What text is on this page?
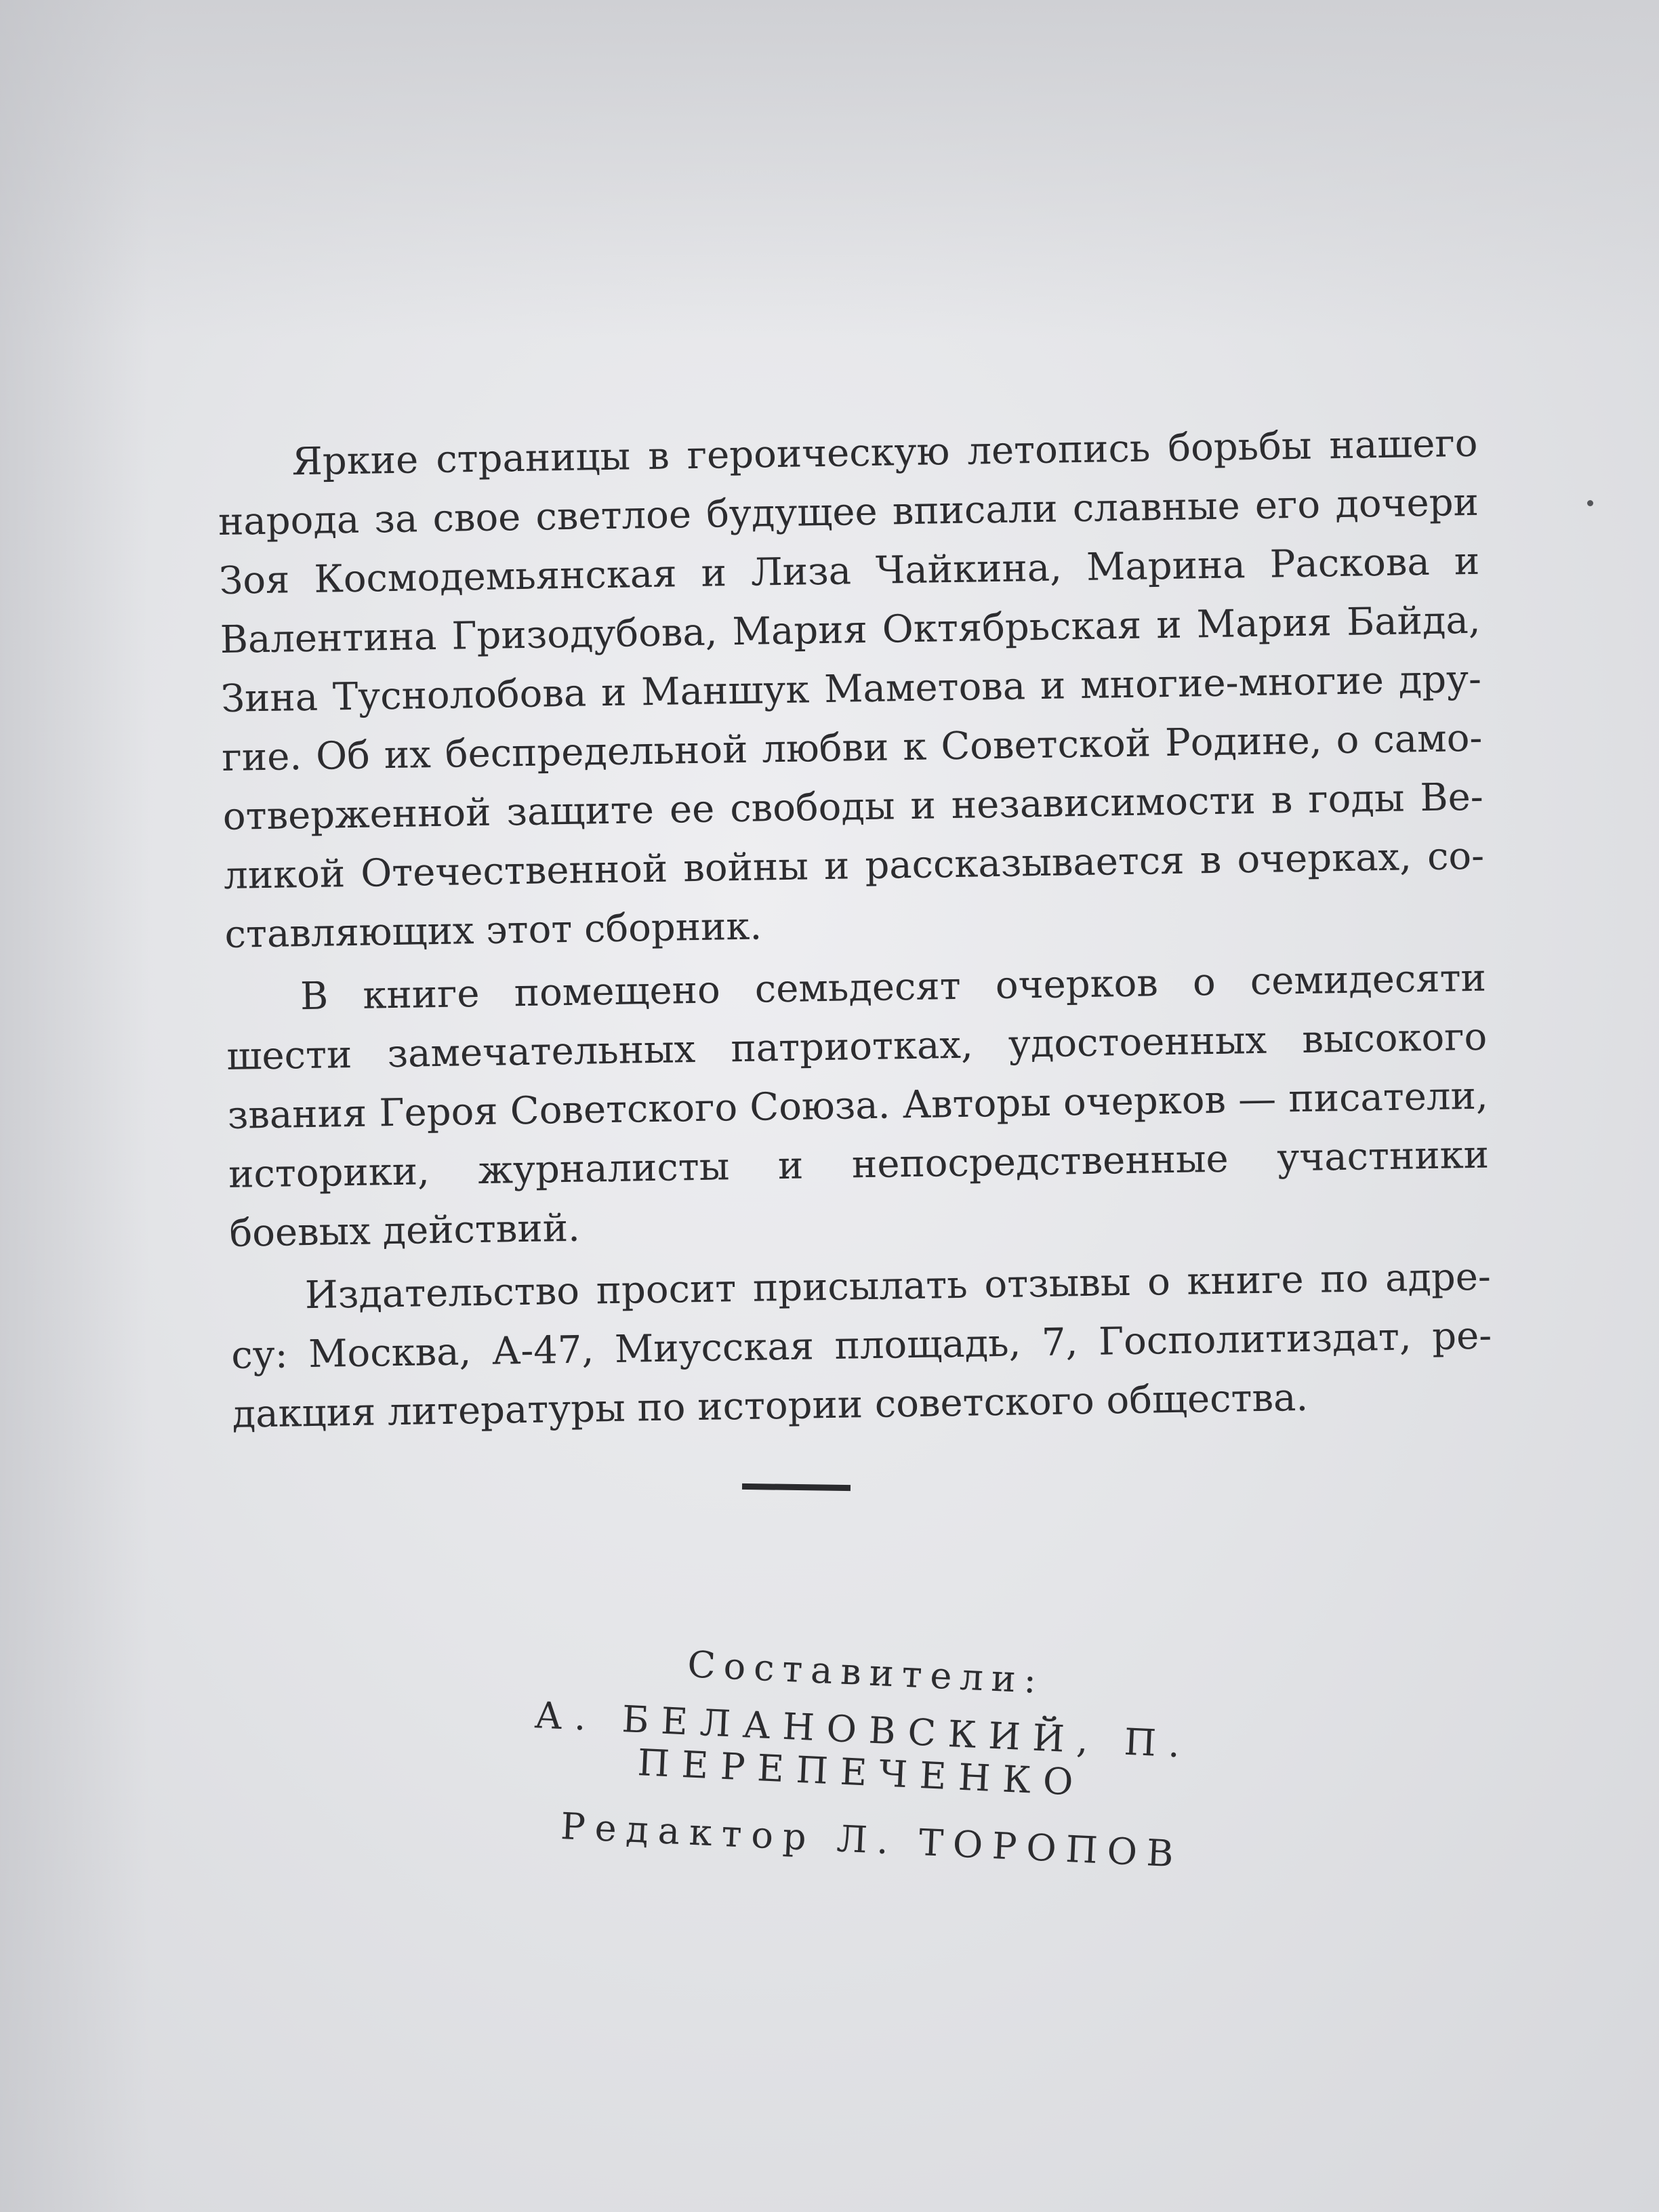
Яркие страницы в героическую летопись борьбы нашего народа за свое светлое будущее вписали славные его дочери Зоя Космодемьянская и Лиза Чайкина, Марина Раскова и Валентина Гризодубова, Мария Октябрьская и Мария Байда, Зина Туснолобова и Маншук Маметова и многие-многие другие. Об их беспредельной любви к Советской Родине, о самоотверженной защите ее свободы и независимости в годы Великой Отечественной войны и рассказывается в очерках, составляющих этот сборник.

В книге помещено семьдесят очерков о семидесяти шести замечательных патриотках, удостоенных высокого звания Героя Советского Союза. Авторы очерков — писатели, историки, журналисты и непосредственные участники боевых действий.

Издательство просит присылать отзывы о книге по адресу: Москва, А-47, Миусская площадь, 7, Госполитиздат, редакция литературы по истории советского общества.

Составители:

А. БЕЛАНОВСКИЙ, П. ПЕРЕПЕЧЕНКО

Редактор Л. ТОРОПОВ
